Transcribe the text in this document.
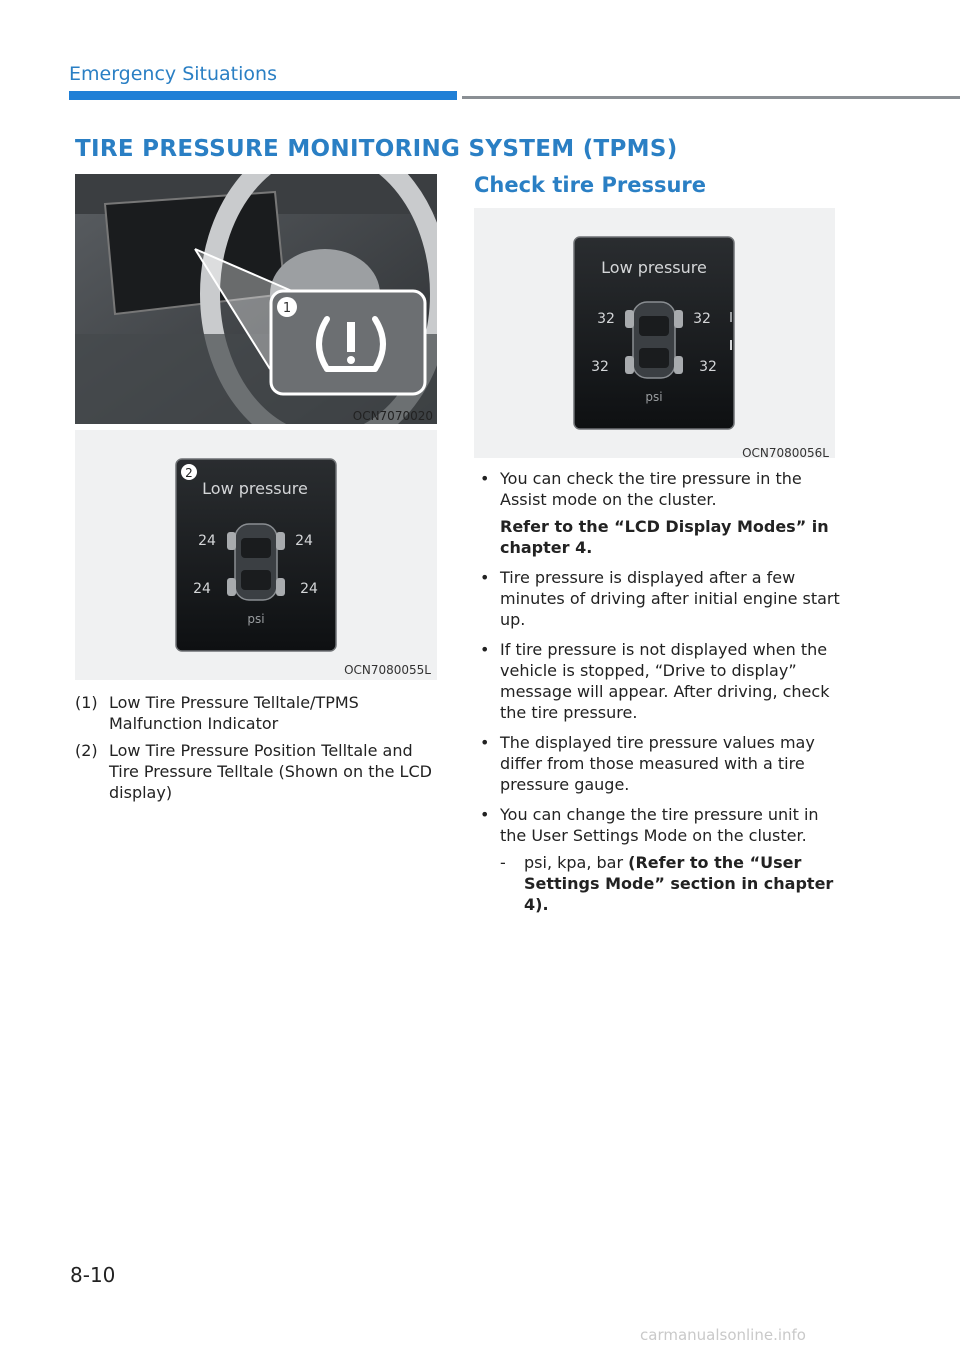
Emergency Situations
TIRE PRESSURE MONITORING SYSTEM (TPMS)
1
OCN7070020
2
Low pressure
24	24
24	24
psi
OCN7080055L
(1) Low Tire Pressure Telltale/TPMS Malfunction Indicator
(2) Low Tire Pressure Position Telltale and Tire Pressure Telltale (Shown on the LCD display)
Check tire Pressure
Low pressure
32	32
32	32
psi
OCN7080056L
• You can check the tire pressure in the Assist mode on the cluster.
Refer to the “LCD Display Modes” in chapter 4.
• Tire pressure is displayed after a few minutes of driving after initial engine start up.
• If tire pressure is not displayed when the vehicle is stopped, “Drive to display” message will appear. After driving, check the tire pressure.
• The displayed tire pressure values may differ from those measured with a tire pressure gauge.
• You can change the tire pressure unit in the User Settings Mode on the cluster.
- psi, kpa, bar (Refer to the “User Settings Mode” section in chapter 4).
8-10
carmanualsonline.info
